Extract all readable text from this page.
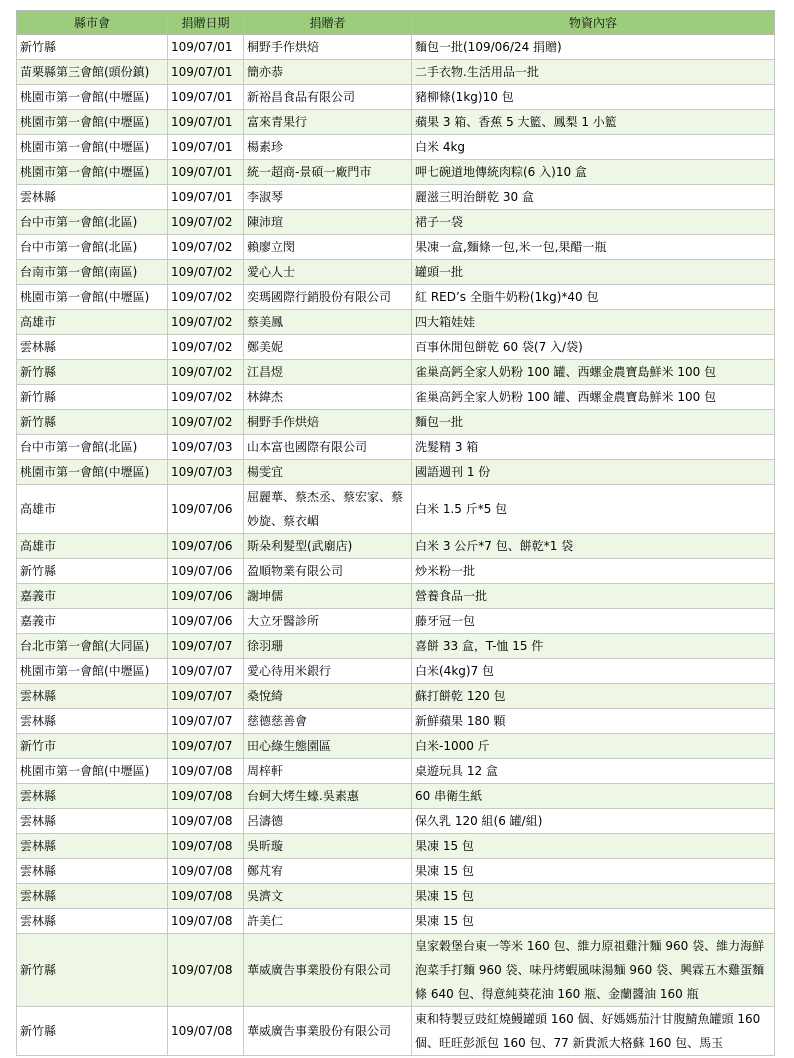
縣市會	捐贈日期	捐贈者	物資內容
新竹縣	109/07/01	桐野手作烘焙	麵包一批(109/06/24 捐贈)
苗栗縣第三會館(頭份鎮)	109/07/01	簡亦恭	二手衣物.生活用品一批
桃園市第一會館(中壢區)	109/07/01	新裕昌食品有限公司	豬柳條(1kg)10 包
桃園市第一會館(中壢區)	109/07/01	富來青果行	蘋果 3 箱、香蕉 5 大籃、鳳梨 1 小籃
桃園市第一會館(中壢區)	109/07/01	楊素珍	白米 4kg
桃園市第一會館(中壢區)	109/07/01	統一超商-景碩一廠門市	呷七碗道地傳統肉粽(6 入)10 盒
雲林縣	109/07/01	李淑琴	麗滋三明治餅乾 30 盒
台中市第一會館(北區)	109/07/02	陳沛瑄	裙子一袋
台中市第一會館(北區)	109/07/02	賴廖立閔	果凍一盒,麵條一包,米一包,果醋一瓶
台南市第一會館(南區)	109/07/02	愛心人士	罐頭一批
桃園市第一會館(中壢區)	109/07/02	奕瑪國際行銷股份有限公司	紅 RED’s 全脂牛奶粉(1kg)*40 包
高雄市	109/07/02	蔡美鳳	四大箱娃娃
雲林縣	109/07/02	鄭美妮	百事休閒包餅乾 60 袋(7 入/袋)
新竹縣	109/07/02	江昌煜	雀巢高鈣全家人奶粉 100 罐、西螺金農寶島鮮米 100 包
新竹縣	109/07/02	林緯杰	雀巢高鈣全家人奶粉 100 罐、西螺金農寶島鮮米 100 包
新竹縣	109/07/02	桐野手作烘焙	麵包一批
台中市第一會館(北區)	109/07/03	山本富也國際有限公司	洗髮精 3 箱
桃園市第一會館(中壢區)	109/07/03	楊雯宜	國語週刊 1 份
高雄市	109/07/06	屈麗華、蔡杰丞、蔡宏家、蔡妙旋、蔡衣嵋	白米 1.5 斤*5 包
高雄市	109/07/06	斯朵利髮型(武廟店)	白米 3 公斤*7 包、餅乾*1 袋
新竹縣	109/07/06	盈順物業有限公司	炒米粉一批
嘉義市	109/07/06	謝坤儒	營養食品一批
嘉義市	109/07/06	大立牙醫診所	藤牙冠一包
台北市第一會館(大同區)	109/07/07	徐羽珊	喜餅 33 盒，T-恤 15 件
桃園市第一會館(中壢區)	109/07/07	愛心待用米銀行	白米(4kg)7 包
雲林縣	109/07/07	桑悅綺	蘇打餅乾 120 包
雲林縣	109/07/07	慈德慈善會	新鮮蘋果 180 顆
新竹市	109/07/07	田心綠生態園區	白米-1000 斤
桃園市第一會館(中壢區)	109/07/08	周梓軒	桌遊玩具 12 盒
雲林縣	109/07/08	台蚵大烤生蠔.吳素惠	60 串衛生紙
雲林縣	109/07/08	呂濤德	保久乳 120 組(6 罐/組)
雲林縣	109/07/08	吳昕璇	果凍 15 包
雲林縣	109/07/08	鄭芃宥	果凍 15 包
雲林縣	109/07/08	吳濟文	果凍 15 包
雲林縣	109/07/08	許美仁	果凍 15 包
新竹縣	109/07/08	華威廣告事業股份有限公司	皇家穀堡台東一等米 160 包、維力原祖雞汁麵 960 袋、維力海鮮泡菜手打麵 960 袋、味丹烤蝦風味湯麵 960 袋、興霖五木雞蛋麵條 640 包、得意純葵花油 160 瓶、金蘭醬油 160 瓶
新竹縣	109/07/08	華威廣告事業股份有限公司	東和特製豆豉紅燒鰻罐頭 160 個、好媽媽茄汁甘腹鯖魚罐頭 160 個、旺旺彭派包 160 包、77 新貴派大格蘇 160 包、馬玉
